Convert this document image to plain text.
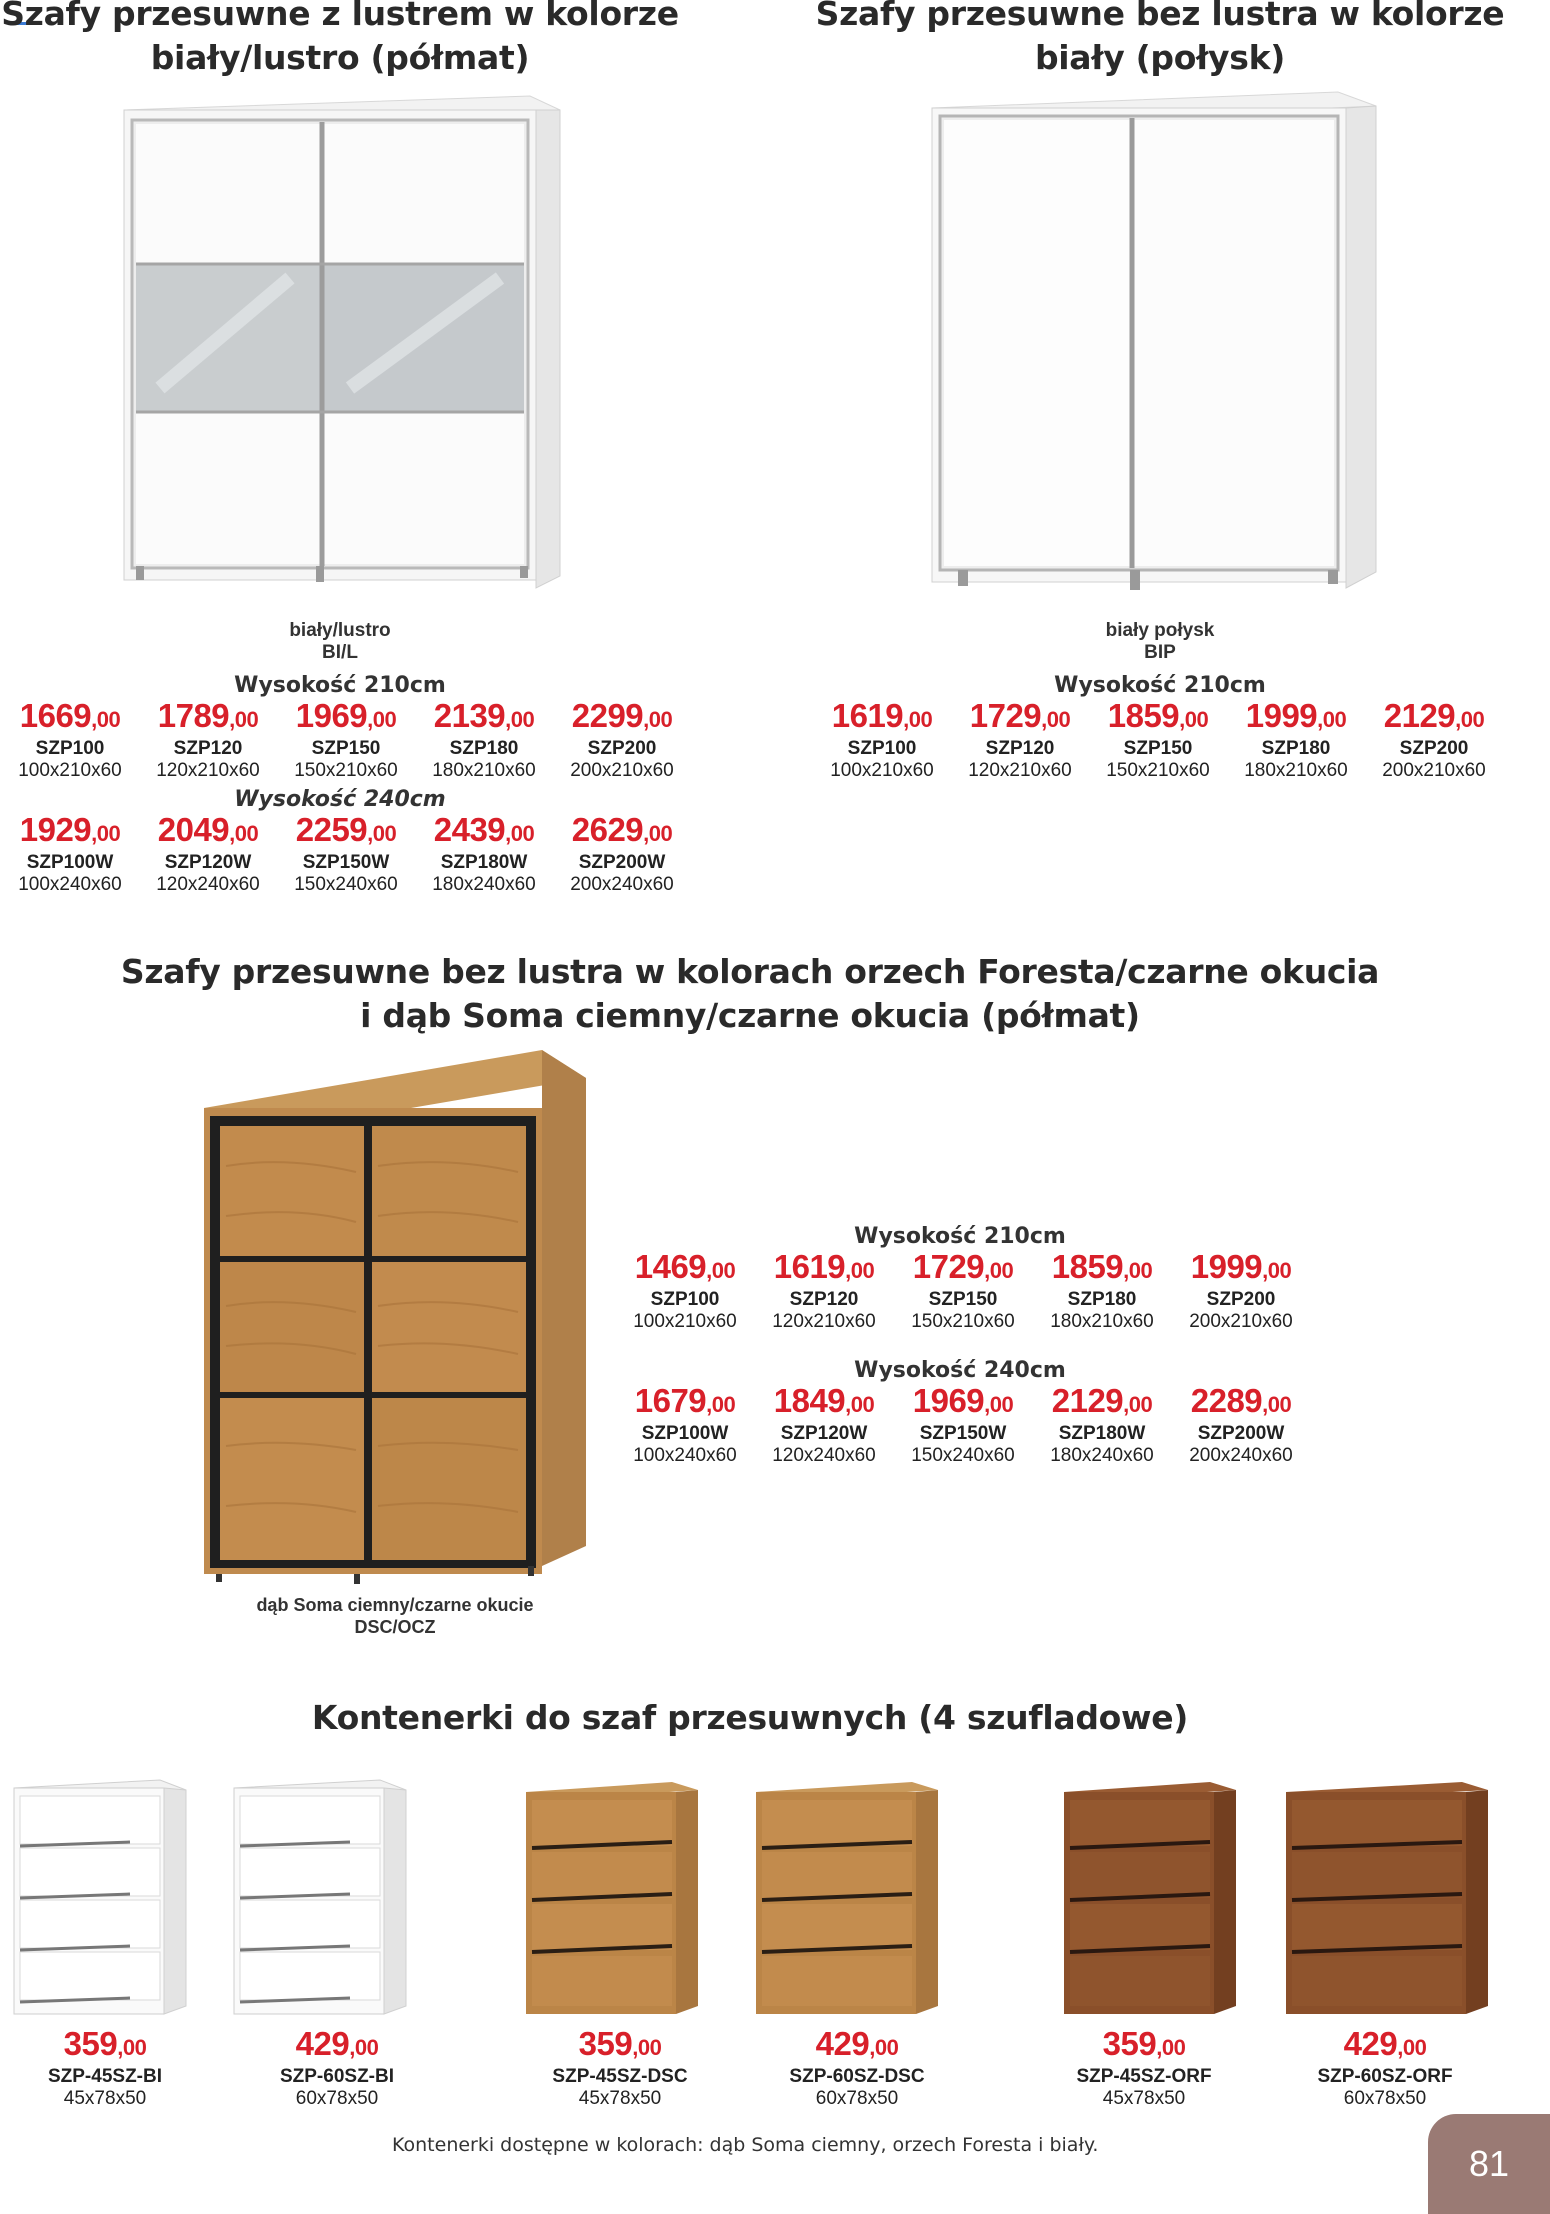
Szafy przesuwne z lustrem w kolorze
biały/lustro (półmat)
biały/lustro
BI/L
Wysokość 210cm
1669,00
SZP100
100x210x60
1789,00
SZP120
120x210x60
1969,00
SZP150
150x210x60
2139,00
SZP180
180x210x60
2299,00
SZP200
200x210x60
Wysokość 240cm
1929,00
SZP100W
100x240x60
2049,00
SZP120W
120x240x60
2259,00
SZP150W
150x240x60
2439,00
SZP180W
180x240x60
2629,00
SZP200W
200x240x60
Szafy przesuwne bez lustra w kolorze
biały (połysk)
biały połysk
BIP
Wysokość 210cm
1619,00
SZP100
100x210x60
1729,00
SZP120
120x210x60
1859,00
SZP150
150x210x60
1999,00
SZP180
180x210x60
2129,00
SZP200
200x210x60
Szafy przesuwne bez lustra w kolorach orzech Foresta/czarne okucia
i dąb Soma ciemny/czarne okucia (półmat)
dąb Soma ciemny/czarne okucie
DSC/OCZ
Wysokość 210cm
1469,00
SZP100
100x210x60
1619,00
SZP120
120x210x60
1729,00
SZP150
150x210x60
1859,00
SZP180
180x210x60
1999,00
SZP200
200x210x60
Wysokość 240cm
1679,00
SZP100W
100x240x60
1849,00
SZP120W
120x240x60
1969,00
SZP150W
150x240x60
2129,00
SZP180W
180x240x60
2289,00
SZP200W
200x240x60
Kontenerki do szaf przesuwnych (4 szufladowe)
359,00
SZP-45SZ-BI
45x78x50
429,00
SZP-60SZ-BI
60x78x50
359,00
SZP-45SZ-DSC
45x78x50
429,00
SZP-60SZ-DSC
60x78x50
359,00
SZP-45SZ-ORF
45x78x50
429,00
SZP-60SZ-ORF
60x78x50
Kontenerki dostępne w kolorach: dąb Soma ciemny, orzech Foresta i biały.	81
